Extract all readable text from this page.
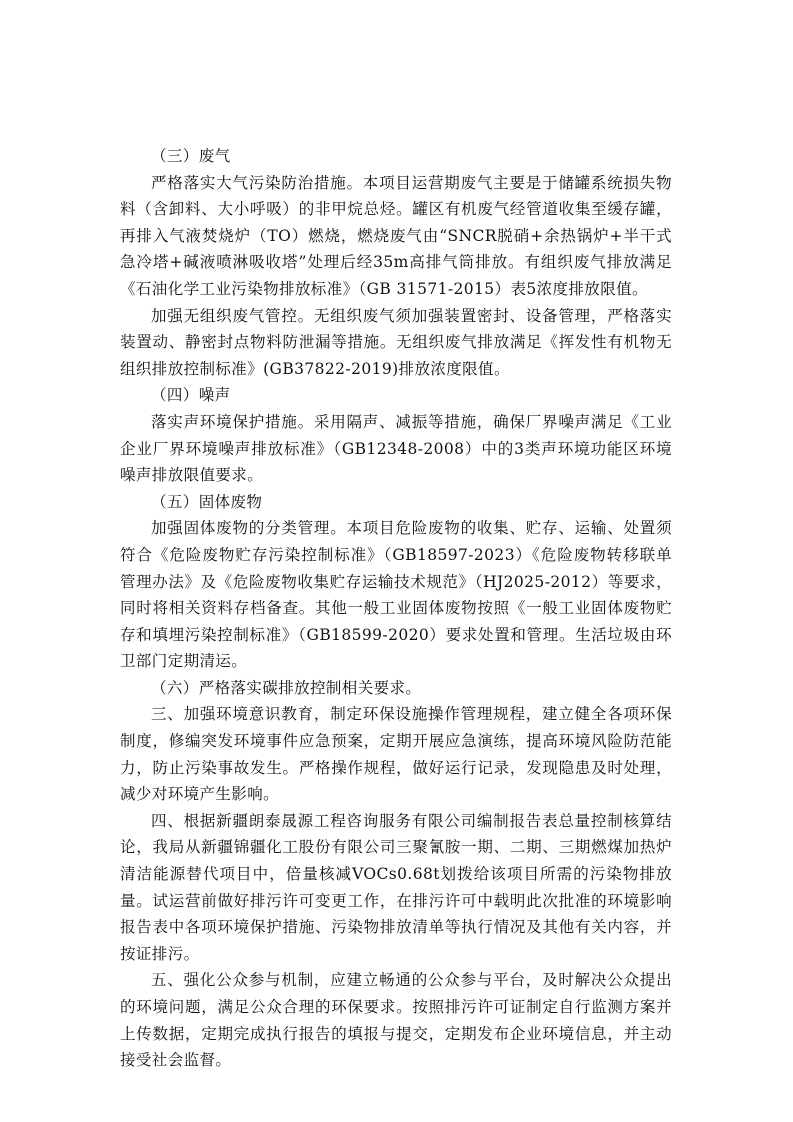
（三）废气

严格落实大气污染防治措施。本项目运营期废气主要是于储罐系统损失物料（含卸料、大小呼吸）的非甲烷总烃。罐区有机废气经管道收集至缓存罐，再排入气液焚烧炉（TO）燃烧，燃烧废气由“SNCR脱硝+余热锅炉+半干式急冷塔+碱液喷淋吸收塔”处理后经35m高排气筒排放。有组织废气排放满足《石油化学工业污染物排放标准》（GB 31571-2015）表5浓度排放限值。

加强无组织废气管控。无组织废气须加强装置密封、设备管理，严格落实装置动、静密封点物料防泄漏等措施。无组织废气排放满足《挥发性有机物无组织排放控制标准》(GB37822-2019)排放浓度限值。

（四）噪声

落实声环境保护措施。采用隔声、减振等措施，确保厂界噪声满足《工业企业厂界环境噪声排放标准》（GB12348-2008）中的3类声环境功能区环境噪声排放限值要求。

（五）固体废物

加强固体废物的分类管理。本项目危险废物的收集、贮存、运输、处置须符合《危险废物贮存污染控制标准》（GB18597-2023）《危险废物转移联单管理办法》及《危险废物收集贮存运输技术规范》（HJ2025-2012）等要求，同时将相关资料存档备查。其他一般工业固体废物按照《一般工业固体废物贮存和填埋污染控制标准》（GB18599-2020）要求处置和管理。生活垃圾由环卫部门定期清运。

（六）严格落实碳排放控制相关要求。

三、加强环境意识教育，制定环保设施操作管理规程，建立健全各项环保制度，修编突发环境事件应急预案，定期开展应急演练，提高环境风险防范能力，防止污染事故发生。严格操作规程，做好运行记录，发现隐患及时处理，减少对环境产生影响。

四、根据新疆朗泰晟源工程咨询服务有限公司编制报告表总量控制核算结论，我局从新疆锦疆化工股份有限公司三聚氰胺一期、二期、三期燃煤加热炉清洁能源替代项目中，倍量核减VOCs0.68t划拨给该项目所需的污染物排放量。试运营前做好排污许可变更工作，在排污许可中载明此次批准的环境影响报告表中各项环境保护措施、污染物排放清单等执行情况及其他有关内容，并按证排污。

五、强化公众参与机制，应建立畅通的公众参与平台，及时解决公众提出的环境问题，满足公众合理的环保要求。按照排污许可证制定自行监测方案并上传数据，定期完成执行报告的填报与提交，定期发布企业环境信息，并主动接受社会监督。
